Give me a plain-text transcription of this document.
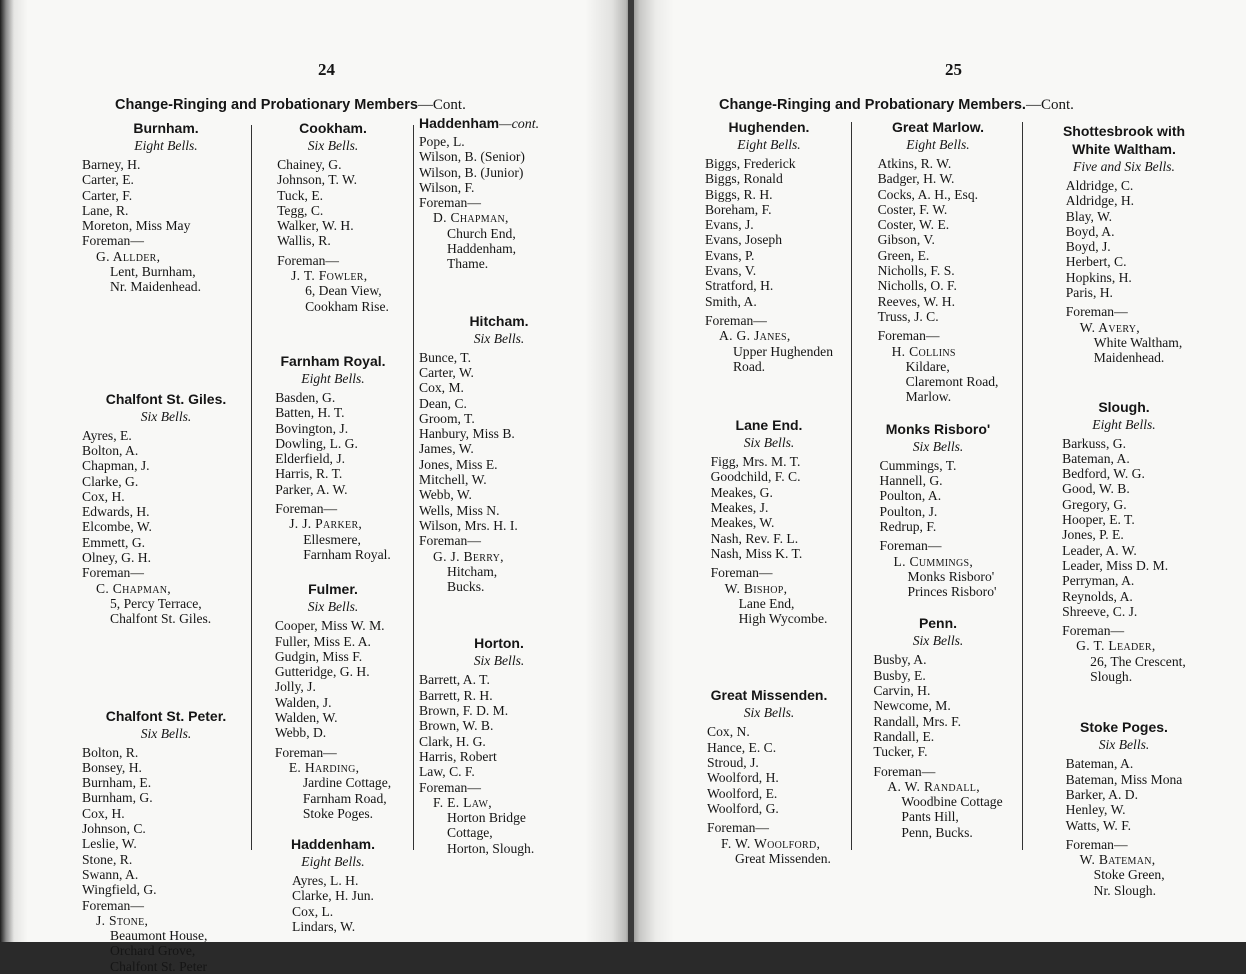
24
Change-Ringing and Probationary Members—Cont.
Burnham.
Eight Bells.
Barney, H.
Carter, E.
Carter, F.
Lane, R.
Moreton, Miss May
Foreman—
G. Allder,
Lent, Burnham,
Nr. Maidenhead.
Chalfont St. Giles.
Six Bells.
Ayres, E.
Bolton, A.
Chapman, J.
Clarke, G.
Cox, H.
Edwards, H.
Elcombe, W.
Emmett, G.
Olney, G. H.
Foreman—
C. Chapman,
5, Percy Terrace,
Chalfont St. Giles.
Chalfont St. Peter.
Six Bells.
Bolton, R.
Bonsey, H.
Burnham, E.
Burnham, G.
Cox, H.
Johnson, C.
Leslie, W.
Stone, R.
Swann, A.
Wingfield, G.
Foreman—
J. Stone,
Beaumont House,
Orchard Grove,
Chalfont St. Peter
Cookham.
Six Bells.
Chainey, G.
Johnson, T. W.
Tuck, E.
Tegg, C.
Walker, W. H.
Wallis, R.
Foreman—
J. T. Fowler,
6, Dean View,
Cookham Rise.
Farnham Royal.
Eight Bells.
Basden, G.
Batten, H. T.
Bovington, J.
Dowling, L. G.
Elderfield, J.
Harris, R. T.
Parker, A. W.
Foreman—
J. J. Parker,
Ellesmere,
Farnham Royal.
Fulmer.
Six Bells.
Cooper, Miss W. M.
Fuller, Miss E. A.
Gudgin, Miss F.
Gutteridge, G. H.
Jolly, J.
Walden, J.
Walden, W.
Webb, D.
Foreman—
E. Harding,
Jardine Cottage,
Farnham Road,
Stoke Poges.
Haddenham.
Eight Bells.
Ayres, L. H.
Clarke, H. Jun.
Cox, L.
Lindars, W.
Haddenham—cont.
Pope, L.
Wilson, B. (Senior)
Wilson, B. (Junior)
Wilson, F.
Foreman—
D. Chapman,
Church End,
Haddenham,
Thame.
Hitcham.
Six Bells.
Bunce, T.
Carter, W.
Cox, M.
Dean, C.
Groom, T.
Hanbury, Miss B.
James, W.
Jones, Miss E.
Mitchell, W.
Webb, W.
Wells, Miss N.
Wilson, Mrs. H. I.
Foreman—
G. J. Berry,
Hitcham,
Bucks.
Horton.
Six Bells.
Barrett, A. T.
Barrett, R. H.
Brown, F. D. M.
Brown, W. B.
Clark, H. G.
Harris, Robert
Law, C. F.
Foreman—
F. E. Law,
Horton Bridge
Cottage,
Horton, Slough.
25
Change-Ringing and Probationary Members.—Cont.
Hughenden.
Eight Bells.
Biggs, Frederick
Biggs, Ronald
Biggs, R. H.
Boreham, F.
Evans, J.
Evans, Joseph
Evans, P.
Evans, V.
Stratford, H.
Smith, A.
Foreman—
A. G. Janes,
Upper Hughenden
Road.
Lane End.
Six Bells.
Figg, Mrs. M. T.
Goodchild, F. C.
Meakes, G.
Meakes, J.
Meakes, W.
Nash, Rev. F. L.
Nash, Miss K. T.
Foreman—
W. Bishop,
Lane End,
High Wycombe.
Great Missenden.
Six Bells.
Cox, N.
Hance, E. C.
Stroud, J.
Woolford, H.
Woolford, E.
Woolford, G.
Foreman—
F. W. Woolford,
Great Missenden.
Great Marlow.
Eight Bells.
Atkins, R. W.
Badger, H. W.
Cocks, A. H., Esq.
Coster, F. W.
Coster, W. E.
Gibson, V.
Green, E.
Nicholls, F. S.
Nicholls, O. F.
Reeves, W. H.
Truss, J. C.
Foreman—
H. Collins
Kildare,
Claremont Road,
Marlow.
Monks Risboro'
Six Bells.
Cummings, T.
Hannell, G.
Poulton, A.
Poulton, J.
Redrup, F.
Foreman—
L. Cummings,
Monks Risboro'
Princes Risboro'
Penn.
Six Bells.
Busby, A.
Busby, E.
Carvin, H.
Newcome, M.
Randall, Mrs. F.
Randall, E.
Tucker, F.
Foreman—
A. W. Randall,
Woodbine Cottage
Pants Hill,
Penn, Bucks.
Shottesbrook with
White Waltham.
Five and Six Bells.
Aldridge, C.
Aldridge, H.
Blay, W.
Boyd, A.
Boyd, J.
Herbert, C.
Hopkins, H.
Paris, H.
Foreman—
W. Avery,
White Waltham,
Maidenhead.
Slough.
Eight Bells.
Barkuss, G.
Bateman, A.
Bedford, W. G.
Good, W. B.
Gregory, G.
Hooper, E. T.
Jones, P. E.
Leader, A. W.
Leader, Miss D. M.
Perryman, A.
Reynolds, A.
Shreeve, C. J.
Foreman—
G. T. Leader,
26, The Crescent,
Slough.
Stoke Poges.
Six Bells.
Bateman, A.
Bateman, Miss Mona
Barker, A. D.
Henley, W.
Watts, W. F.
Foreman—
W. Bateman,
Stoke Green,
Nr. Slough.
